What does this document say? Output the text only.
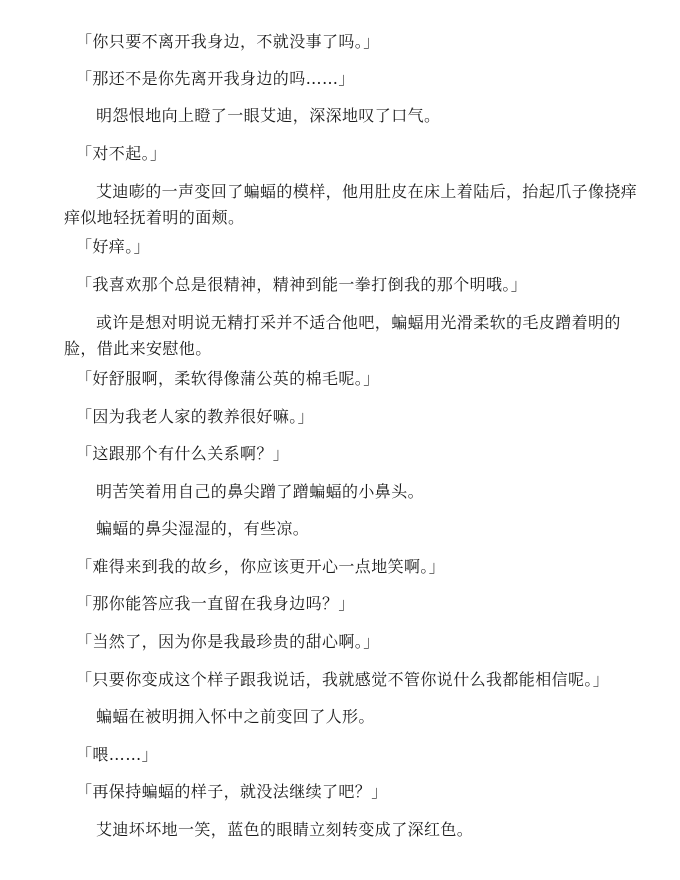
「你只要不离开我身边，不就没事了吗。」

「那还不是你先离开我身边的吗……」

明怨恨地向上瞪了一眼艾迪，深深地叹了口气。

「对不起。」

艾迪嘭的一声变回了蝙蝠的模样，他用肚皮在床上着陆后，抬起爪子像挠痒痒似地轻抚着明的面颊。

「好痒。」

「我喜欢那个总是很精神，精神到能一拳打倒我的那个明哦。」

或许是想对明说无精打采并不适合他吧，蝙蝠用光滑柔软的毛皮蹭着明的脸，借此来安慰他。

「好舒服啊，柔软得像蒲公英的棉毛呢。」

「因为我老人家的教养很好嘛。」

「这跟那个有什么关系啊？」

明苦笑着用自己的鼻尖蹭了蹭蝙蝠的小鼻头。

蝙蝠的鼻尖湿湿的，有些凉。

「难得来到我的故乡，你应该更开心一点地笑啊。」

「那你能答应我一直留在我身边吗？」

「当然了，因为你是我最珍贵的甜心啊。」

「只要你变成这个样子跟我说话，我就感觉不管你说什么我都能相信呢。」

蝙蝠在被明拥入怀中之前变回了人形。

「喂……」

「再保持蝙蝠的样子，就没法继续了吧？」

艾迪坏坏地一笑，蓝色的眼睛立刻转变成了深红色。
